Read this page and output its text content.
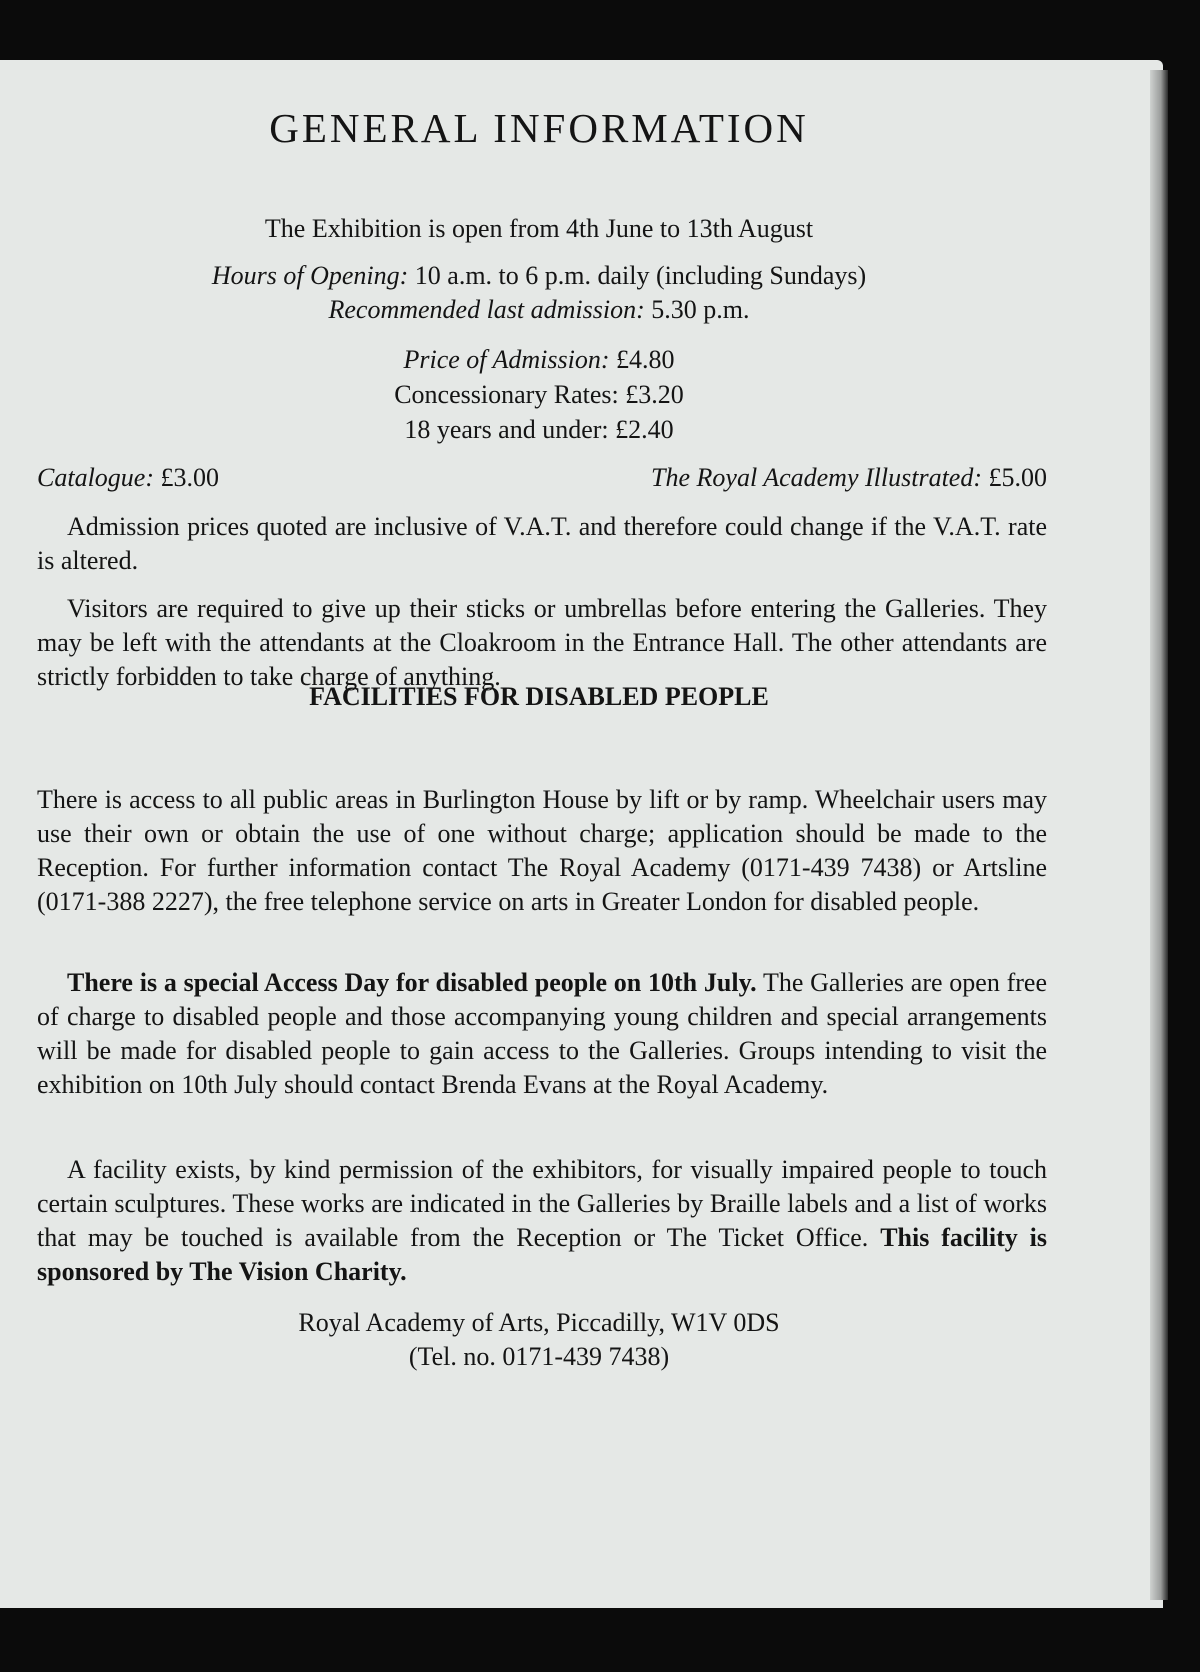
GENERAL INFORMATION
The Exhibition is open from 4th June to 13th August
Hours of Opening: 10 a.m. to 6 p.m. daily (including Sundays)
Recommended last admission: 5.30 p.m.
Price of Admission: £4.80
Concessionary Rates: £3.20
18 years and under: £2.40
Catalogue: £3.00	The Royal Academy Illustrated: £5.00

Admission prices quoted are inclusive of V.A.T. and therefore could change if the V.A.T. rate is altered.

Visitors are required to give up their sticks or umbrellas before entering the Galleries. They may be left with the attendants at the Cloakroom in the Entrance Hall. The other attendants are strictly forbidden to take charge of anything.

FACILITIES FOR DISABLED PEOPLE

There is access to all public areas in Burlington House by lift or by ramp. Wheelchair users may use their own or obtain the use of one without charge; application should be made to the Reception. For further information contact The Royal Academy (0171-439 7438) or Artsline (0171-388 2227), the free telephone service on arts in Greater London for disabled people.

There is a special Access Day for disabled people on 10th July. The Galleries are open free of charge to disabled people and those accompanying young children and special arrangements will be made for disabled people to gain access to the Galleries. Groups intending to visit the exhibition on 10th July should contact Brenda Evans at the Royal Academy.

A facility exists, by kind permission of the exhibitors, for visually impaired people to touch certain sculptures. These works are indicated in the Galleries by Braille labels and a list of works that may be touched is available from the Reception or The Ticket Office. This facility is sponsored by The Vision Charity.

Royal Academy of Arts, Piccadilly, W1V 0DS
(Tel. no. 0171-439 7438)
